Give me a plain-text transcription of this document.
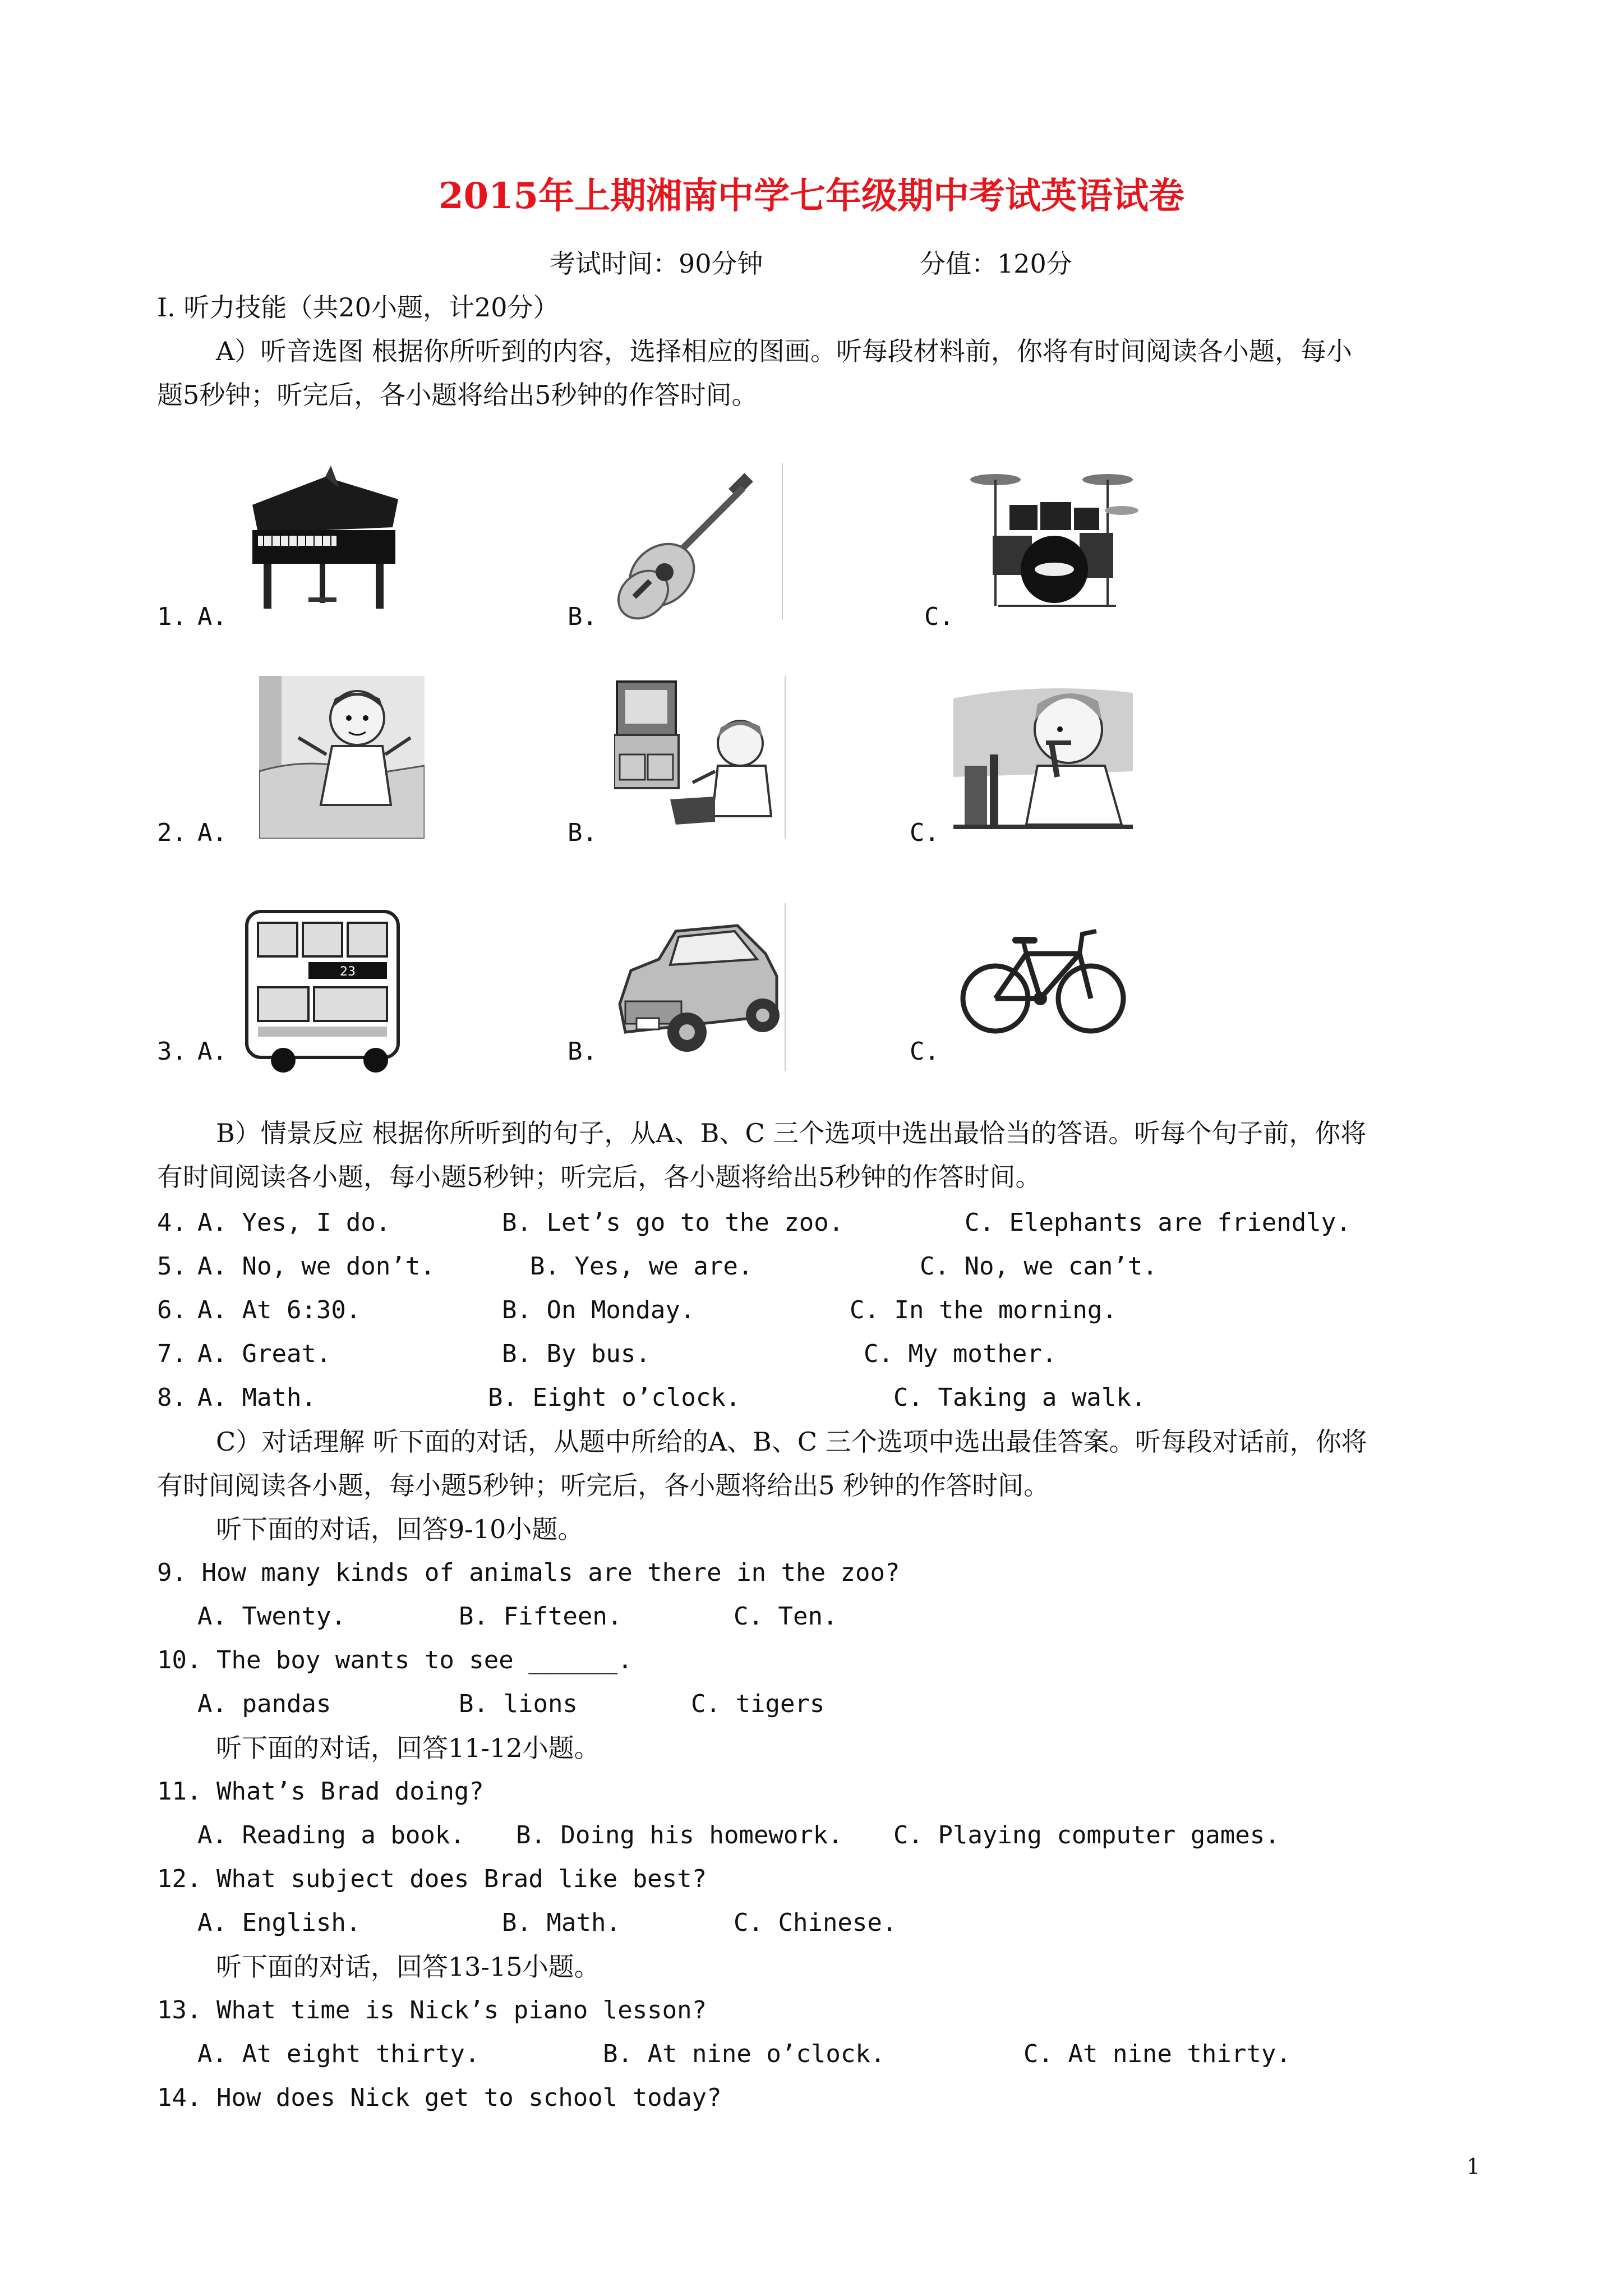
2015年上期湘南中学七年级期中考试英语试卷
考试时间：90分钟	分值：120分
I. 听力技能（共20小题，计20分）
A）听音选图 根据你所听到的内容，选择相应的图画。听每段材料前，你将有时间阅读各小题，每小
题5秒钟；听完后，各小题将给出5秒钟的作答时间。
1. A.	B.	C.
2. A.	B.	C.
3. A.	B.	C.
23
B）情景反应 根据你所听到的句子，从A、B、C 三个选项中选出最恰当的答语。听每个句子前，你将
有时间阅读各小题，每小题5秒钟；听完后，各小题将给出5秒钟的作答时间。
4. A. Yes, I do.	B. Let’s go to the zoo.	C. Elephants are friendly.
5. A. No, we don’t.	B. Yes, we are.	C. No, we can’t.
6. A. At 6:30.	B. On Monday.	C. In the morning.
7. A. Great.	B. By bus.	C. My mother.
8. A. Math.	B. Eight o’clock.	C. Taking a walk.
C）对话理解 听下面的对话，从题中所给的A、B、C 三个选项中选出最佳答案。听每段对话前，你将
有时间阅读各小题，每小题5秒钟；听完后，各小题将给出5 秒钟的作答时间。
听下面的对话，回答9-10小题。
9. How many kinds of animals are there in the zoo?
A. Twenty.	B. Fifteen.	C. Ten.
10. The boy wants to see ______.
A. pandas	B. lions	C. tigers
听下面的对话，回答11-12小题。
11. What’s Brad doing?
A. Reading a book. B. Doing his homework. C. Playing computer games.
12. What subject does Brad like best?
A. English.	B. Math.	C. Chinese.
听下面的对话，回答13-15小题。
13. What time is Nick’s piano lesson?
A. At eight thirty.	B. At nine o’clock.	C. At nine thirty.
14. How does Nick get to school today?
1
